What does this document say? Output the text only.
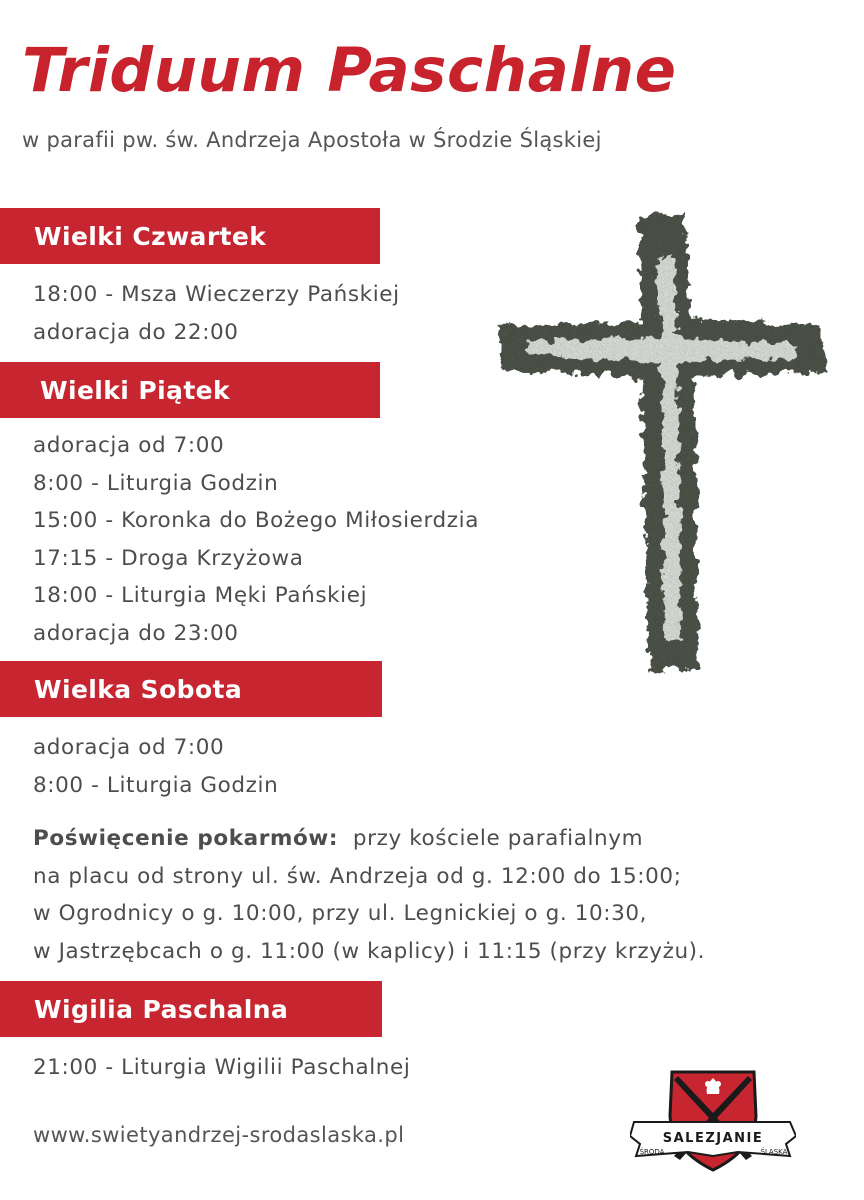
Triduum Paschalne
w parafii pw. św. Andrzeja Apostoła w Środzie Śląskiej
Wielki Czwartek
18:00 - Msza Wieczerzy Pańskiej
adoracja do 22:00
Wielki Piątek
adoracja od 7:00
8:00 - Liturgia Godzin
15:00 - Koronka do Bożego Miłosierdzia
17:15 - Droga Krzyżowa
18:00 - Liturgia Męki Pańskiej
adoracja do 23:00
Wielka Sobota
adoracja od 7:00
8:00 - Liturgia Godzin
Poświęcenie pokarmów: przy kościele parafialnym
na placu od strony ul. św. Andrzeja od g. 12:00 do 15:00;
w Ogrodnicy o g. 10:00, przy ul. Legnickiej o g. 10:30,
w Jastrzębcach o g. 11:00 (w kaplicy) i 11:15 (przy krzyżu).
Wigilia Paschalna
21:00 - Liturgia Wigilii Paschalnej
www.swietyandrzej-srodaslaska.pl	SALEZJANIE
ŚRODA	ŚLĄSKA
